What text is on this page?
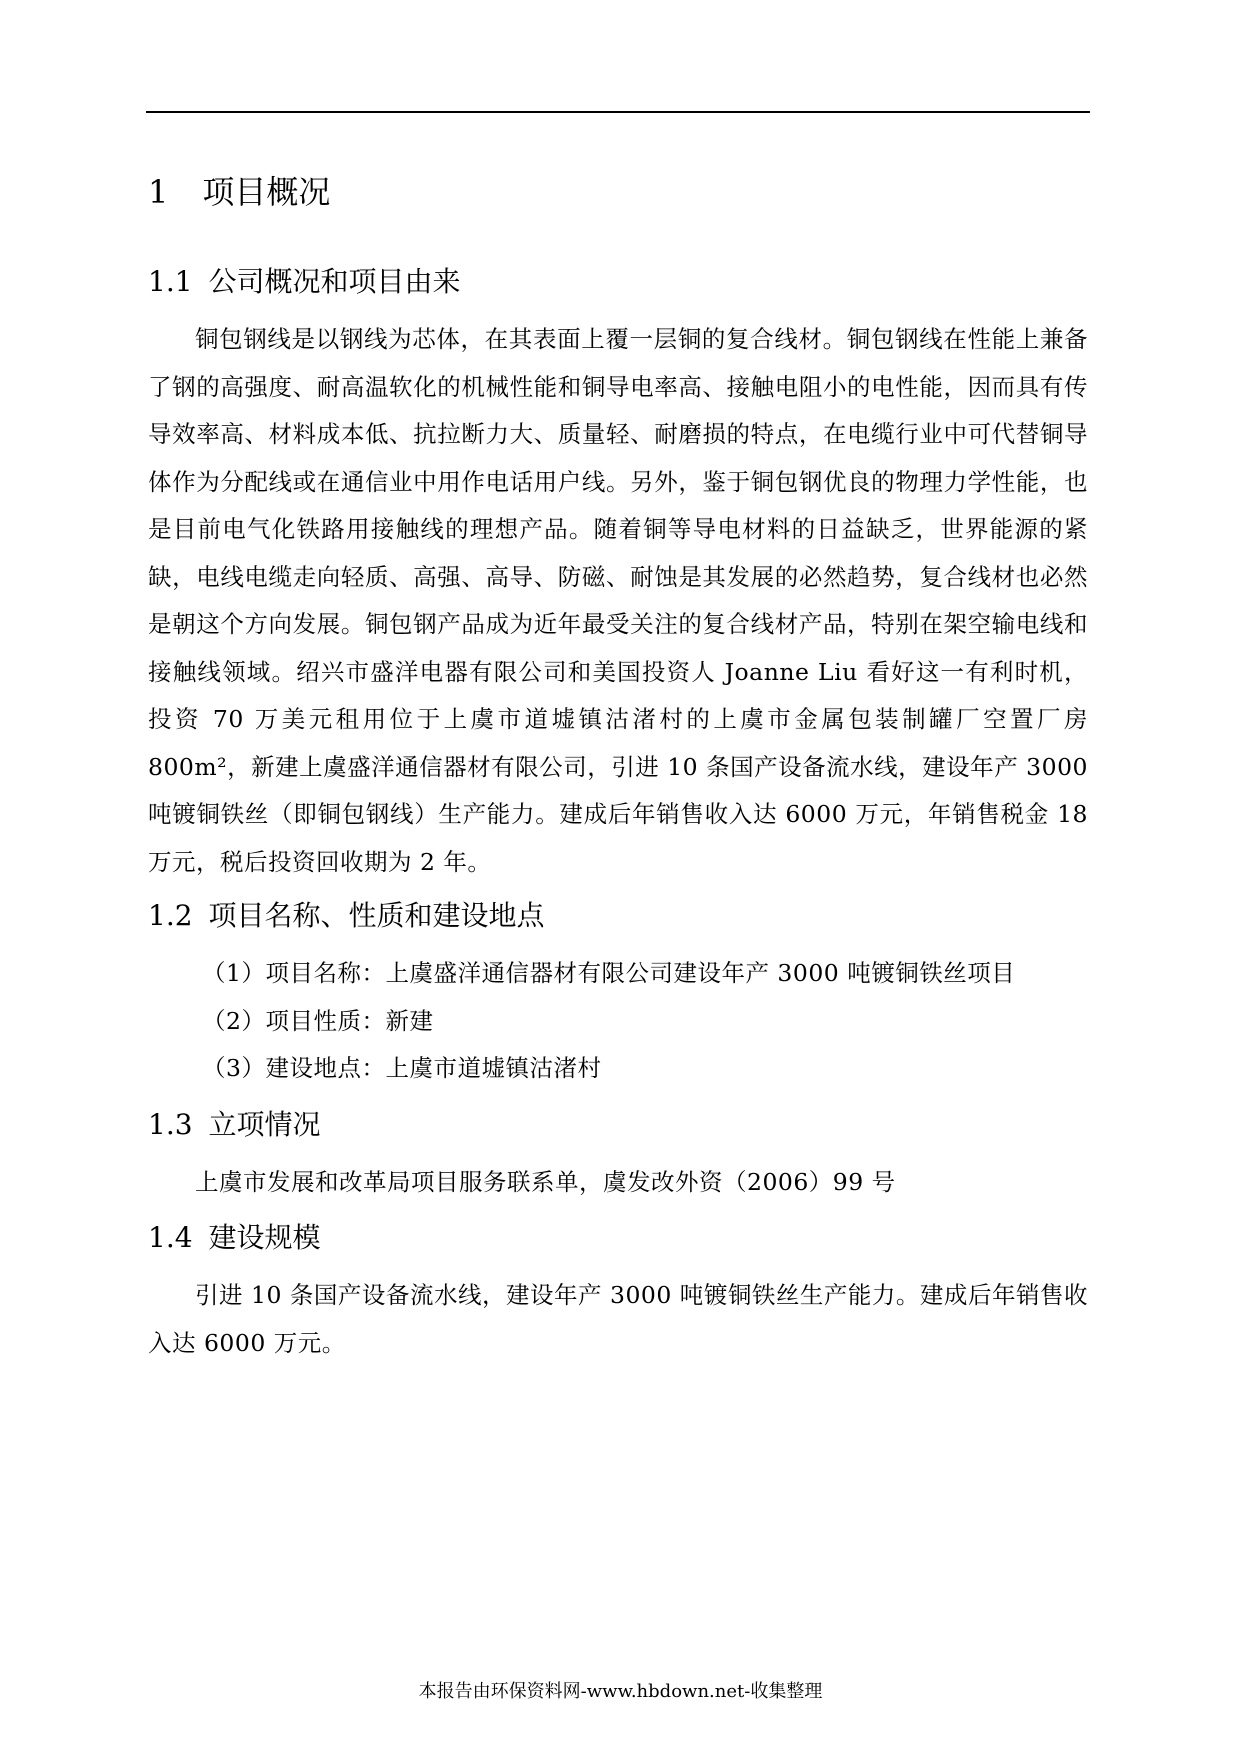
1 项目概况
1.1 公司概况和项目由来

铜包钢线是以钢线为芯体，在其表面上覆一层铜的复合线材。铜包钢线在性能上兼备了钢的高强度、耐高温软化的机械性能和铜导电率高、接触电阻小的电性能，因而具有传导效率高、材料成本低、抗拉断力大、质量轻、耐磨损的特点，在电缆行业中可代替铜导体作为分配线或在通信业中用作电话用户线。另外，鉴于铜包钢优良的物理力学性能，也是目前电气化铁路用接触线的理想产品。随着铜等导电材料的日益缺乏，世界能源的紧缺，电线电缆走向轻质、高强、高导、防磁、耐蚀是其发展的必然趋势，复合线材也必然是朝这个方向发展。铜包钢产品成为近年最受关注的复合线材产品，特别在架空输电线和接触线领域。绍兴市盛洋电器有限公司和美国投资人 Joanne Liu 看好这一有利时机，投资 70 万美元租用位于上虞市道墟镇沽渚村的上虞市金属包装制罐厂空置厂房 800m²，新建上虞盛洋通信器材有限公司，引进 10 条国产设备流水线，建设年产 3000 吨镀铜铁丝（即铜包钢线）生产能力。建成后年销售收入达 6000 万元，年销售税金 18 万元，税后投资回收期为 2 年。

1.2 项目名称、性质和建设地点

（1）项目名称：上虞盛洋通信器材有限公司建设年产 3000 吨镀铜铁丝项目

（2）项目性质：新建

（3）建设地点：上虞市道墟镇沽渚村

1.3 立项情况

上虞市发展和改革局项目服务联系单，虞发改外资（2006）99 号

1.4 建设规模

引进 10 条国产设备流水线，建设年产 3000 吨镀铜铁丝生产能力。建成后年销售收入达 6000 万元。

本报告由环保资料网-www.hbdown.net-收集整理
